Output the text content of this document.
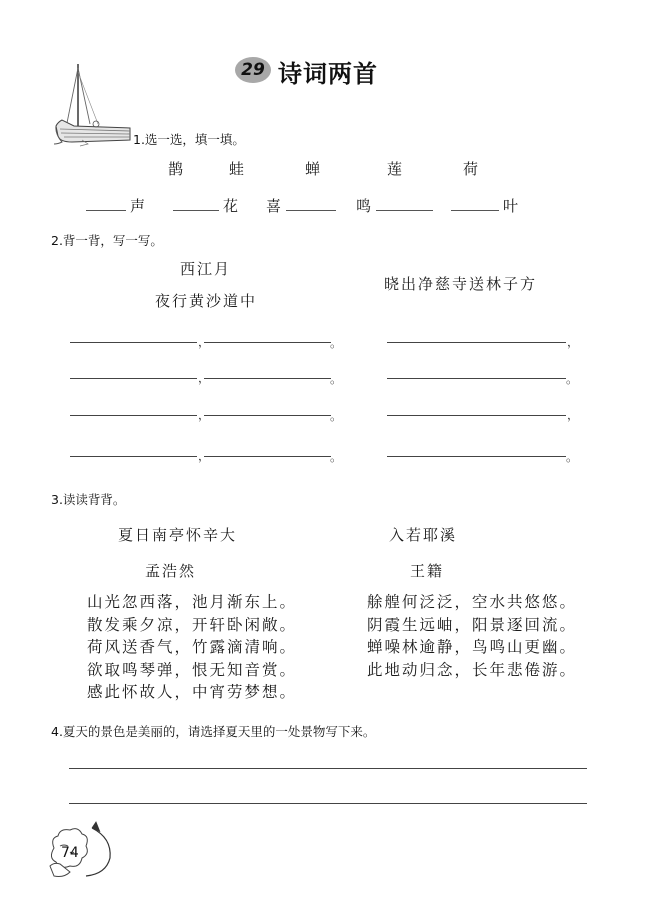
29 诗词两首
1.选一选，填一填。
鹊	蛙	蝉	莲	荷
声	花 喜	鸣	叶
2.背一背，写一写。
西江月
夜行黄沙道中
晓出净慈寺送林子方
，	。
，	。
，	。
，	。
，
。
，
。
3.读读背背。
夏日南亭怀辛大
孟浩然
入若耶溪
王籍
山光忽西落，池月渐东上。
散发乘夕凉，开轩卧闲敞。
荷风送香气，竹露滴清响。
欲取鸣琴弹，恨无知音赏。
感此怀故人，中宵劳梦想。
艅艎何泛泛，空水共悠悠。
阴霞生远岫，阳景逐回流。
蝉噪林逾静，鸟鸣山更幽。
此地动归念，长年悲倦游。
4.夏天的景色是美丽的，请选择夏天里的一处景物写下来。
74
